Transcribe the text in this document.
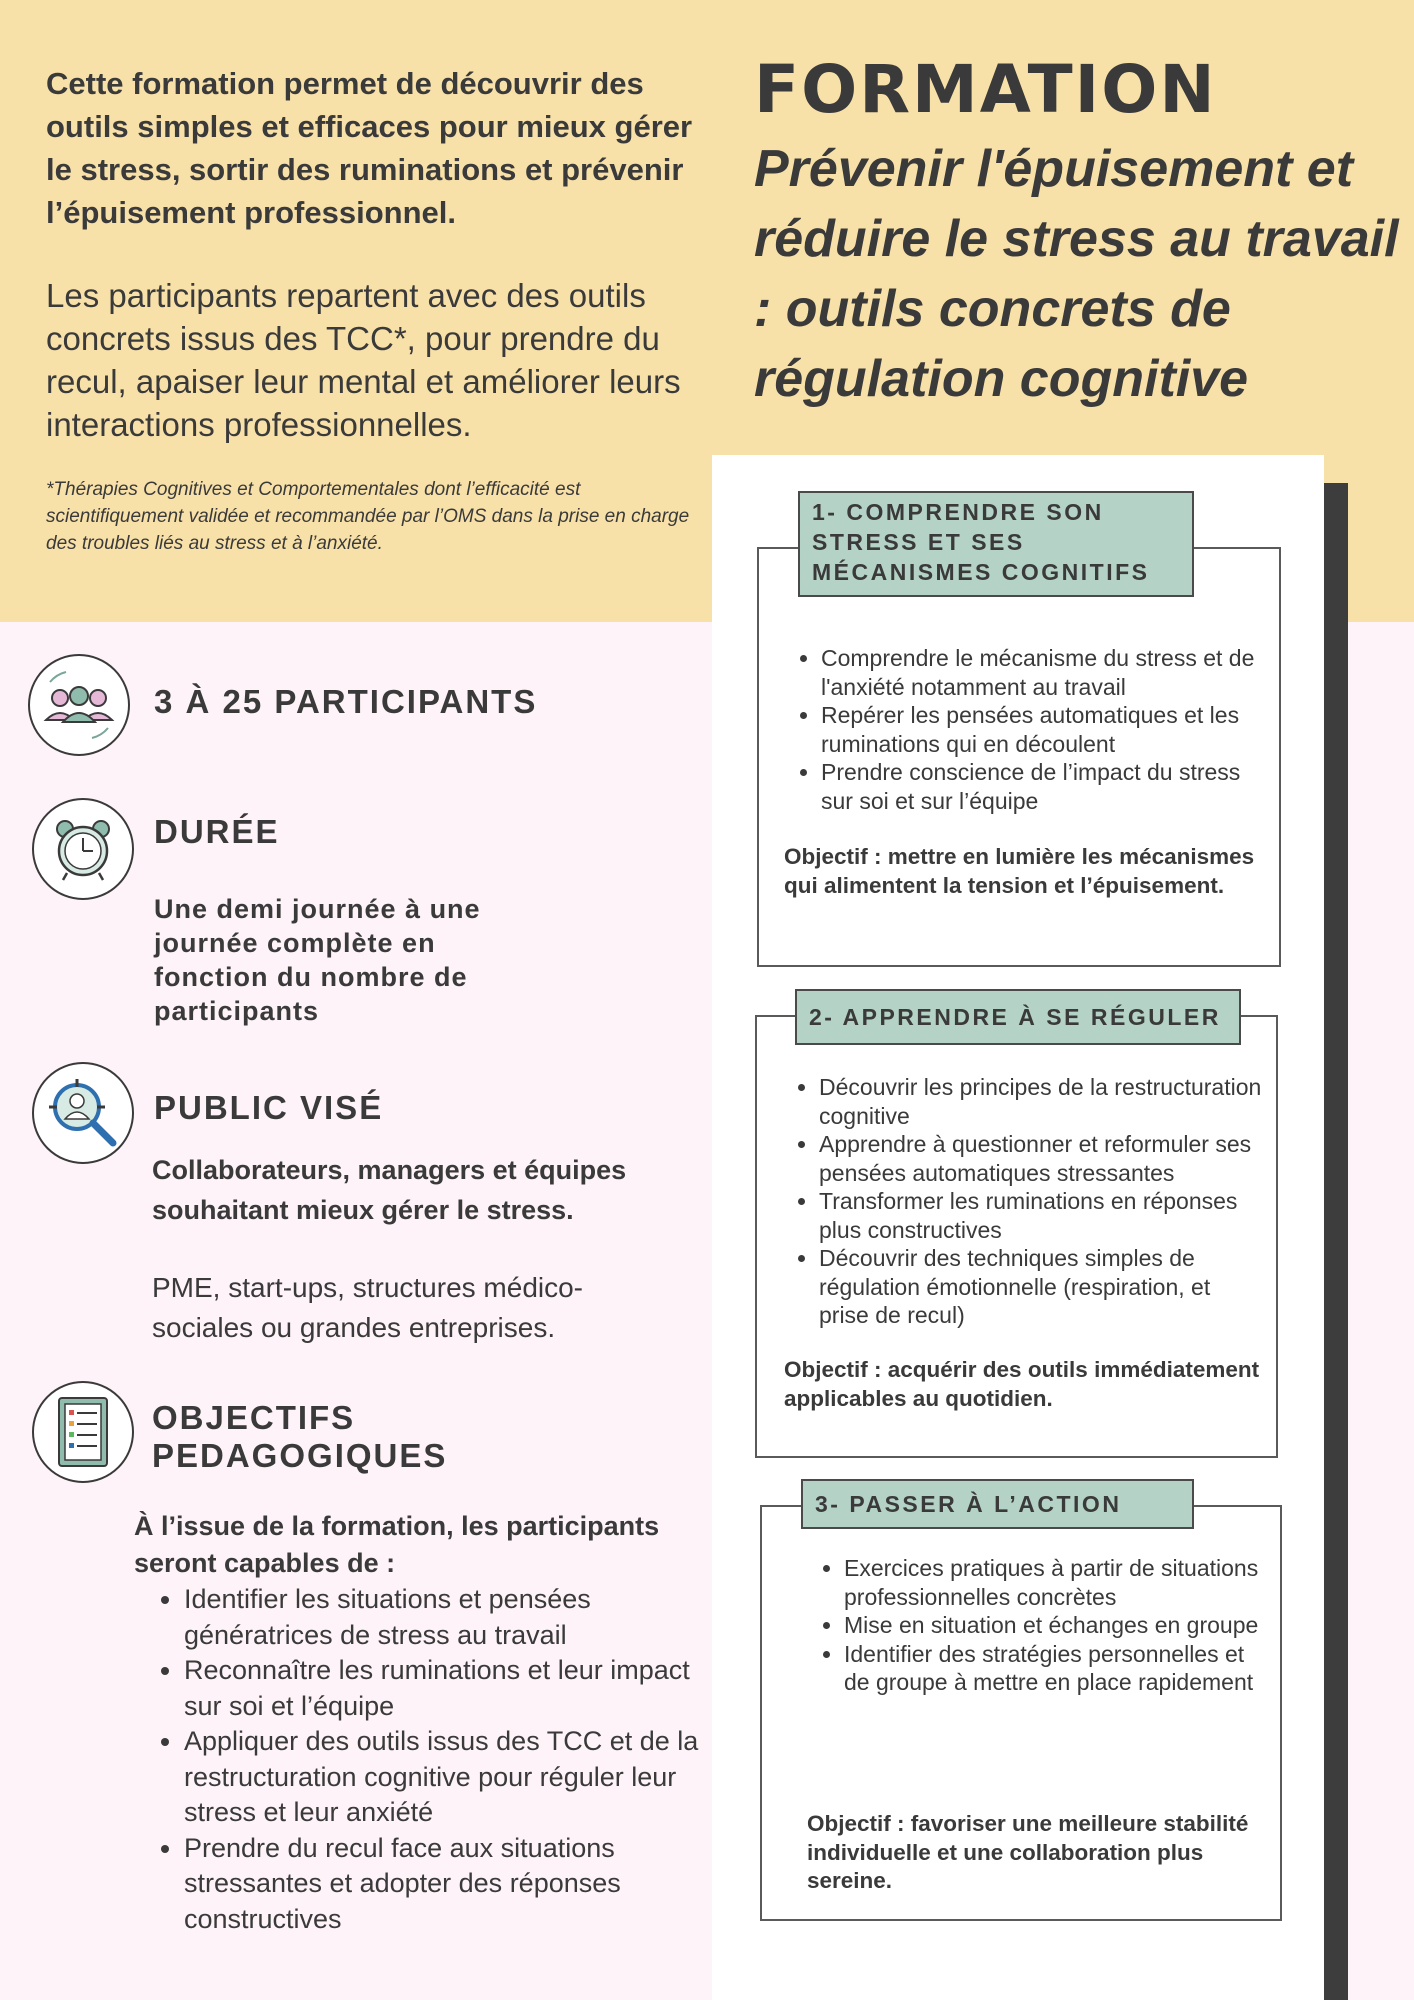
Cette formation permet de découvrir des outils simples et efficaces pour mieux gérer le stress, sortir des ruminations et prévenir l’épuisement professionnel.

Les participants repartent avec des outils concrets issus des TCC*, pour prendre du recul, apaiser leur mental et améliorer leurs interactions professionnelles.

*Thérapies Cognitives et Comportementales dont l’efficacité est scientifiquement validée et recommandée par l’OMS dans la prise en charge des troubles liés au stress et à l’anxiété.

FORMATION
Prévenir l'épuisement et réduire le stress au travail : outils concrets de régulation cognitive
3 À 25 PARTICIPANTS
DURÉE
Une demi journée à une journée complète en fonction du nombre de participants
PUBLIC VISÉ
Collaborateurs, managers et équipes souhaitant mieux gérer le stress.
PME, start-ups, structures médico-sociales ou grandes entreprises.
OBJECTIFS PEDAGOGIQUES

À l’issue de la formation, les participants seront capables de :

• Identifier les situations et pensées génératrices de stress au travail
• Reconnaître les ruminations et leur impact sur soi et l’équipe
• Appliquer des outils issus des TCC et de la restructuration cognitive pour réguler leur stress et leur anxiété
• Prendre du recul face aux situations stressantes et adopter des réponses constructives
• Comprendre le mécanisme du stress et de l'anxiété notamment au travail
• Repérer les pensées automatiques et les ruminations qui en découlent
• Prendre conscience de l’impact du stress sur soi et sur l’équipe

Objectif : mettre en lumière les mécanismes qui alimentent la tension et l’épuisement.

1- COMPRENDRE SON STRESS ET SES MÉCANISMES COGNITIFS
• Découvrir les principes de la restructuration cognitive
• Apprendre à questionner et reformuler ses pensées automatiques stressantes
• Transformer les ruminations en réponses plus constructives
• Découvrir des techniques simples de régulation émotionnelle (respiration, et prise de recul)

Objectif : acquérir des outils immédiatement applicables au quotidien.

2- APPRENDRE À SE RÉGULER
• Exercices pratiques à partir de situations professionnelles concrètes
• Mise en situation et échanges en groupe
• Identifier des stratégies personnelles et de groupe à mettre en place rapidement

Objectif : favoriser une meilleure stabilité individuelle et une collaboration plus sereine.

3- PASSER À L’ACTION
